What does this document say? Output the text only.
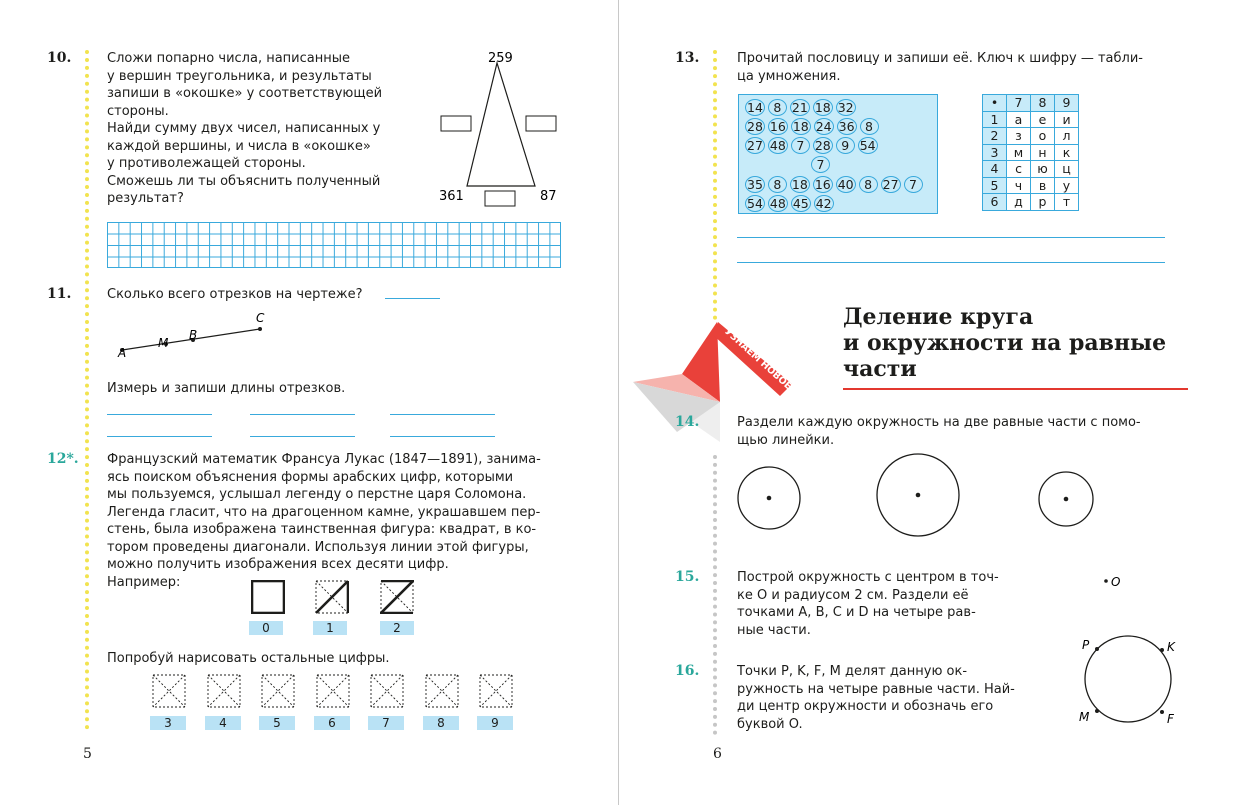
10.	Сложи попарно числа, написанные
у вершин треугольника, и результаты
запиши в «окошке» у соответствующей
стороны.
Найди сумму двух чисел, написанных у
каждой вершины, и числа в «окошке»
у противолежащей стороны.
Сможешь ли ты объяснить полученный
результат?
259
361	87
11.	Сколько всего отрезков на чертеже?
A
M
B
C
Измерь и запиши длины отрезков.
12*. Французский математик Франсуа Лукас (1847—1891), занима-
ясь поиском объяснения формы арабских цифр, которыми
мы пользуемся, услышал легенду о перстне царя Соломона.
Легенда гласит, что на драгоценном камне, украшавшем пер-
стень, была изображена таинственная фигура: квадрат, в ко-
тором проведены диагонали. Используя линии этой фигуры,
можно получить изображения всех десяти цифр.
Например:
0	1	2
Попробуй нарисовать остальные цифры.
3	4	5	6	7	8	9
5
13.	Прочитай пословицу и запиши её. Ключ к шифру — табли-
ца умножения.
14 8 21 18 32
28 16 18 24 36 8
27 48 7 28 9 54
7
35 8 18 16 40 8 27 7
54 48 45 42
•	7	8	9
1	а	е	и
2	з	о	л
3	м	н	к
4	с	ю	ц
5	ч	в	у
6	д	р	т
УЗНАЁМ НОВОЕ
Деление круга
и окружности на равные
части
14.	Раздели каждую окружность на две равные части с помо-
щью линейки.
15.	Построй окружность с центром в точ-
ке O и радиусом 2 см. Раздели её
точками A, B, C и D на четыре рав-
ные части.
O
16.	Точки P, K, F, M делят данную ок-
ружность на четыре равные части. Най-
ди центр окружности и обозначь его
буквой O.
P	K
M	F
6
